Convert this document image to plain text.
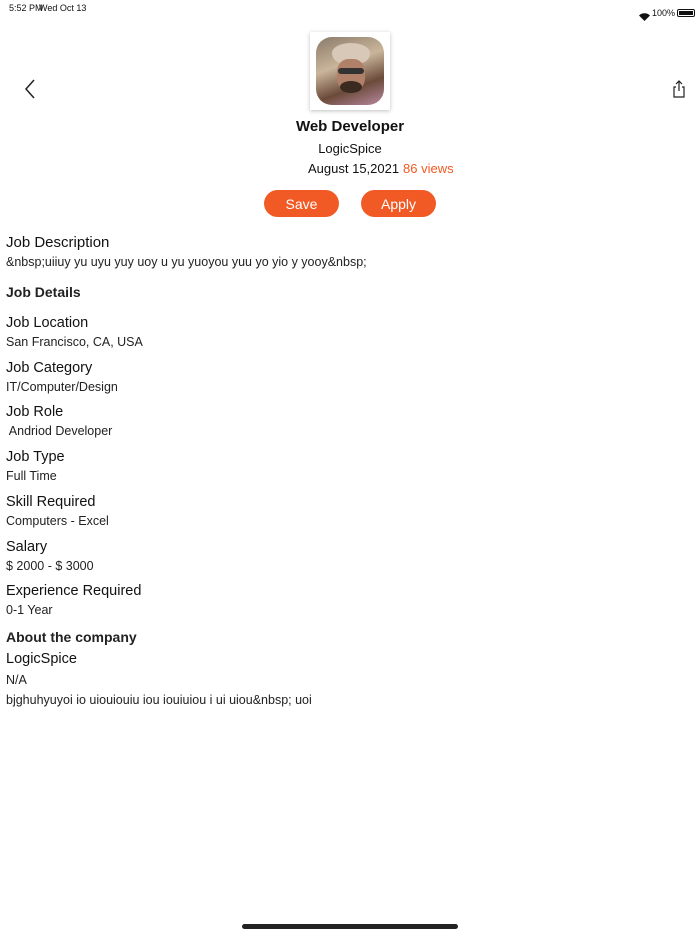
5:52 PM
Wed Oct 13

	100%

Web Developer
LogicSpice
August 15,2021 86 views
Save	Apply
Job Description
&nbsp;uiiuy yu uyu yuy uoy u yu yuoyou yuu yo yio y yooy&nbsp;
Job Details
Job Location
San Francisco, CA, USA
Job Category
IT/Computer/Design
Job Role
Andriod Developer
Job Type
Full Time
Skill Required
Computers - Excel
Salary
$ 2000 - $ 3000
Experience Required
0-1 Year
About the company
LogicSpice
N/A
bjghuhyuyoi io uiouiouiu iou iouiuiou i ui uiou&nbsp; uoi
